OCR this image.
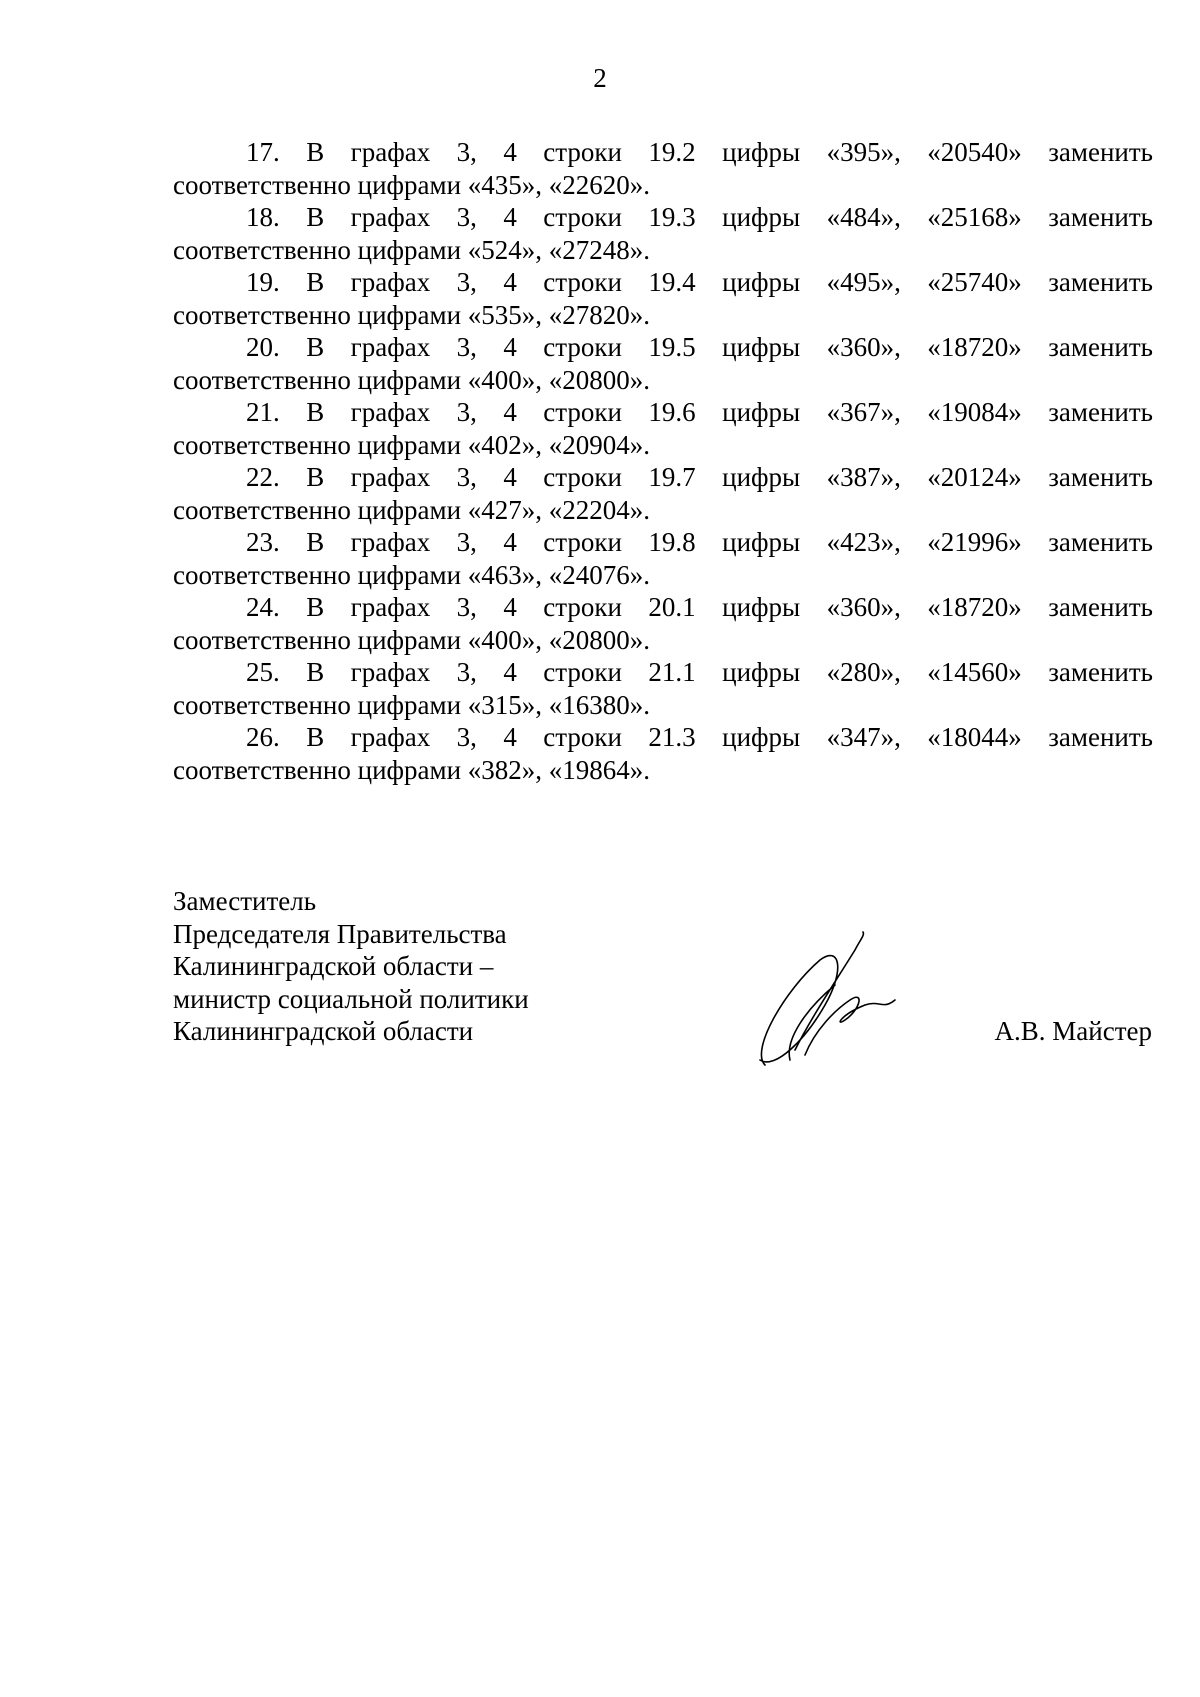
2

17. В графах 3, 4 строки 19.2 цифры «395», «20540» заменить
соответственно цифрами «435», «22620».

18. В графах 3, 4 строки 19.3 цифры «484», «25168» заменить
соответственно цифрами «524», «27248».

19. В графах 3, 4 строки 19.4 цифры «495», «25740» заменить
соответственно цифрами «535», «27820».

20. В графах 3, 4 строки 19.5 цифры «360», «18720» заменить
соответственно цифрами «400», «20800».

21. В графах 3, 4 строки 19.6 цифры «367», «19084» заменить
соответственно цифрами «402», «20904».

22. В графах 3, 4 строки 19.7 цифры «387», «20124» заменить
соответственно цифрами «427», «22204».

23. В графах 3, 4 строки 19.8 цифры «423», «21996» заменить
соответственно цифрами «463», «24076».

24. В графах 3, 4 строки 20.1 цифры «360», «18720» заменить
соответственно цифрами «400», «20800».

25. В графах 3, 4 строки 21.1 цифры «280», «14560» заменить
соответственно цифрами «315», «16380».

26. В графах 3, 4 строки 21.3 цифры «347», «18044» заменить
соответственно цифрами «382», «19864».

Заместитель
Председателя Правительства
Калининградской области –
министр социальной политики
Калининградской области	А.В. Майстер
